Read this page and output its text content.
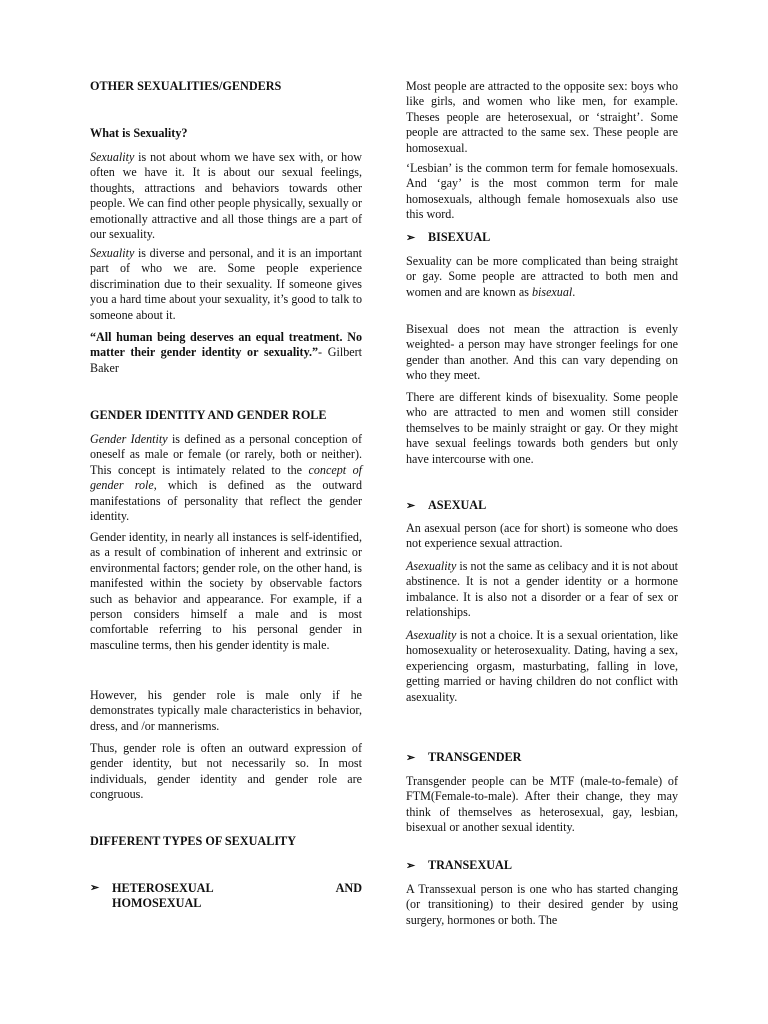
OTHER SEXUALITIES/GENDERS
What is Sexuality?

Sexuality is not about whom we have sex with, or how often we have it. It is about our sexual feelings, thoughts, attractions and behaviors towards other people. We can find other people physically, sexually or emotionally attractive and all those things are a part of our sexuality.

Sexuality is diverse and personal, and it is an important part of who we are. Some people experience discrimination due to their sexuality. If someone gives you a hard time about your sexuality, it’s good to talk to someone about it.

“All human being deserves an equal treatment. No matter their gender identity or sexuality.”- Gilbert Baker

GENDER IDENTITY AND GENDER ROLE

Gender Identity is defined as a personal conception of oneself as male or female (or rarely, both or neither). This concept is intimately related to the concept of gender role, which is defined as the outward manifestations of personality that reflect the gender identity.

Gender identity, in nearly all instances is self-identified, as a result of combination of inherent and extrinsic or environmental factors; gender role, on the other hand, is manifested within the society by observable factors such as behavior and appearance. For example, if a person considers himself a male and is most comfortable referring to his personal gender in masculine terms, then his gender identity is male.

However, his gender role is male only if he demonstrates typically male characteristics in behavior, dress, and /or mannerisms.

Thus, gender role is often an outward expression of gender identity, but not necessarily so. In most individuals, gender identity and gender role are congruous.

DIFFERENT TYPES OF SEXUALITY
➢	HETEROSEXUAL	AND
HOMOSEXUAL

Most people are attracted to the opposite sex: boys who like girls, and women who like men, for example. Theses people are heterosexual, or ‘straight’. Some people are attracted to the same sex. These people are homosexual.

‘Lesbian’ is the common term for female homosexuals. And ‘gay’ is the most common term for male homosexuals, although female homosexuals also use this word.

➢ BISEXUAL

Sexuality can be more complicated than being straight or gay. Some people are attracted to both men and women and are known as bisexual.

Bisexual does not mean the attraction is evenly weighted- a person may have stronger feelings for one gender than another. And this can vary depending on who they meet.

There are different kinds of bisexuality. Some people who are attracted to men and women still consider themselves to be mainly straight or gay. Or they might have sexual feelings towards both genders but only have intercourse with one.

➢ ASEXUAL

An asexual person (ace for short) is someone who does not experience sexual attraction.

Asexuality is not the same as celibacy and it is not about abstinence. It is not a gender identity or a hormone imbalance. It is also not a disorder or a fear of sex or relationships.

Asexuality is not a choice. It is a sexual orientation, like homosexuality or heterosexuality. Dating, having a sex, experiencing orgasm, masturbating, falling in love, getting married or having children do not conflict with asexuality.

➢ TRANSGENDER

Transgender people can be MTF (male-to-female) of FTM(Female-to-male). After their change, they may think of themselves as heterosexual, gay, lesbian, bisexual or another sexual identity.

➢ TRANSEXUAL

A Transsexual person is one who has started changing (or transitioning) to their desired gender by using surgery, hormones or both. The
